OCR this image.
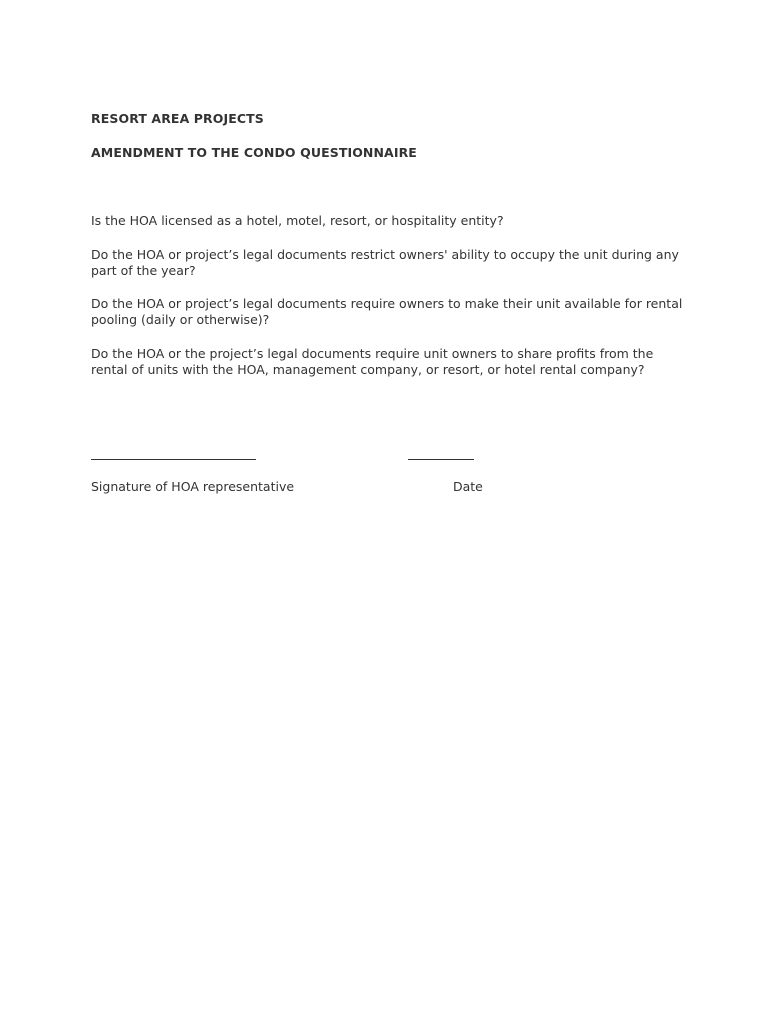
RESORT AREA PROJECTS

AMENDMENT TO THE CONDO QUESTIONNAIRE

Is the HOA licensed as a hotel, motel, resort, or hospitality entity?

Do the HOA or project’s legal documents restrict owners' ability to occupy the unit during any part of the year?

Do the HOA or project’s legal documents require owners to make their unit available for rental pooling (daily or otherwise)?

Do the HOA or the project’s legal documents require unit owners to share profits from the rental of units with the HOA, management company, or resort, or hotel rental company?

Signature of HOA representative	Date
